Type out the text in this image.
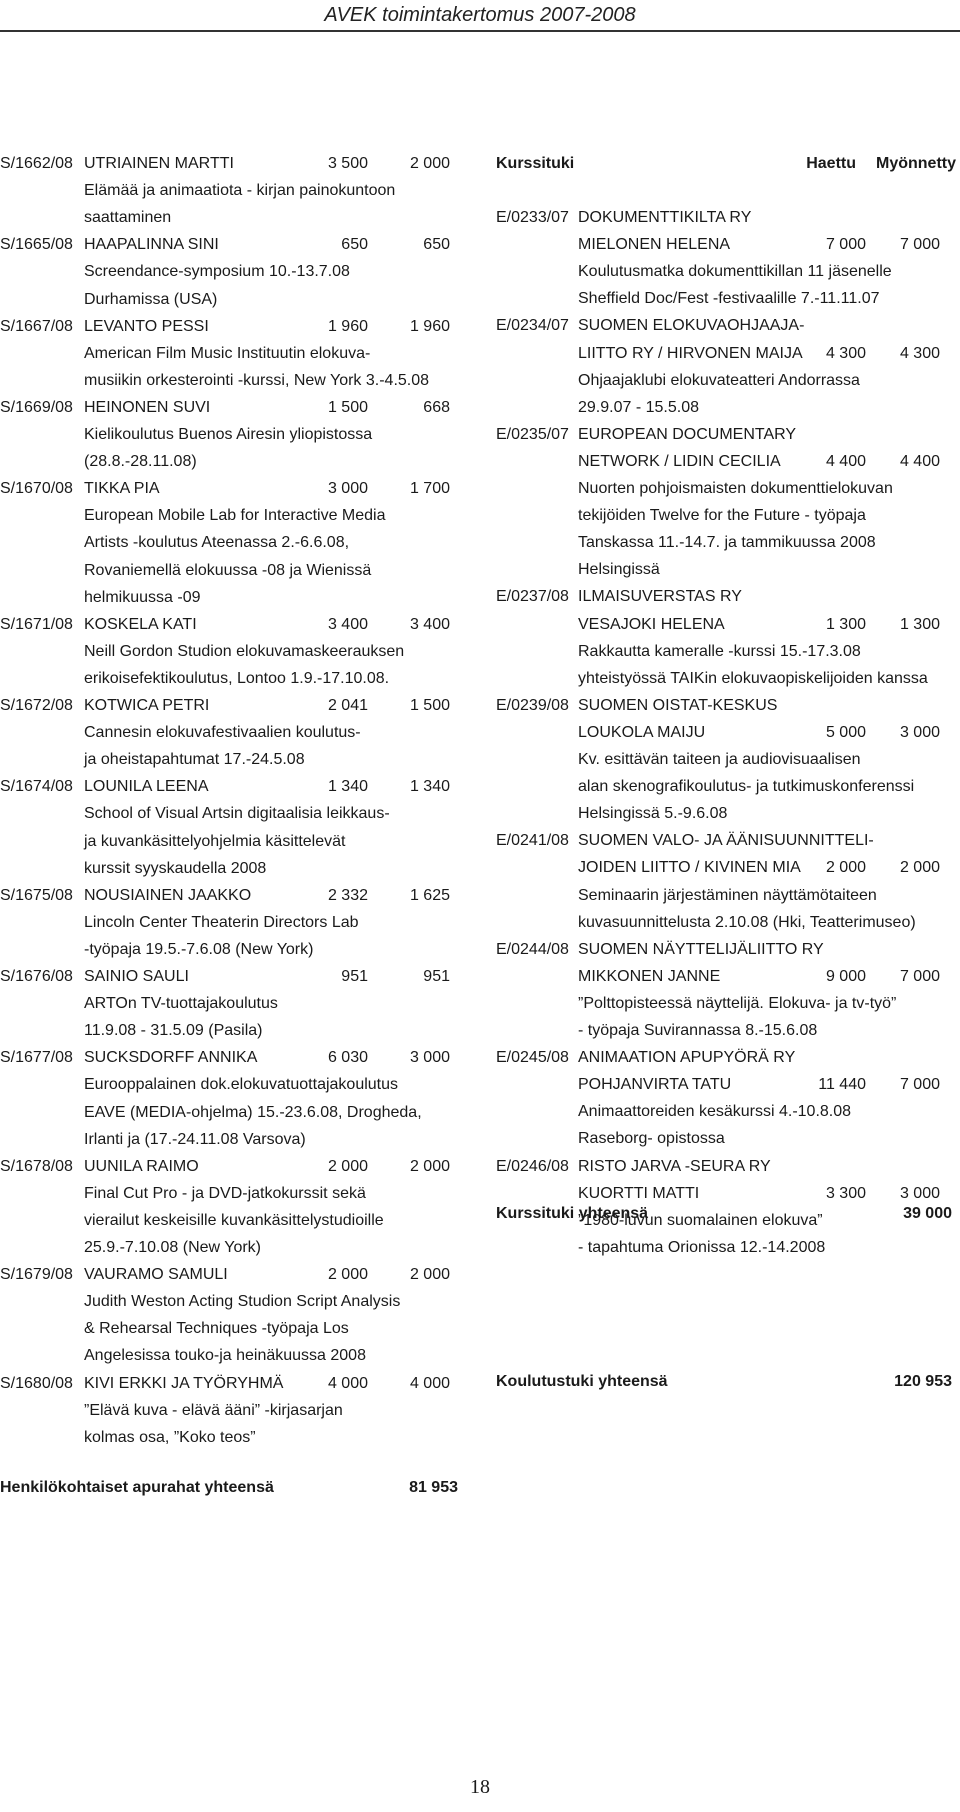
AVEK toimintakertomus 2007-2008
S/1662/08 UTRIAINEN MARTTI	3 500	2 000
Elämää ja animaatiota - kirjan painokuntoon
saattaminen
S/1665/08 HAAPALINNA SINI	650	650
Screendance-symposium 10.-13.7.08
Durhamissa (USA)
S/1667/08 LEVANTO PESSI	1 960	1 960
American Film Music Instituutin elokuva-
musiikin orkesterointi -kurssi, New York 3.-4.5.08
S/1669/08 HEINONEN SUVI	1 500	668
Kielikoulutus Buenos Airesin yliopistossa
(28.8.-28.11.08)
S/1670/08 TIKKA PIA	3 000	1 700
European Mobile Lab for Interactive Media
Artists -koulutus Ateenassa 2.-6.6.08,
Rovaniemellä elokuussa -08 ja Wienissä
helmikuussa -09
S/1671/08 KOSKELA KATI	3 400	3 400
Neill Gordon Studion elokuvamaskeerauksen
erikoisefektikoulutus, Lontoo 1.9.-17.10.08.
S/1672/08 KOTWICA PETRI	2 041	1 500
Cannesin elokuvafestivaalien koulutus-
ja oheistapahtumat 17.-24.5.08
S/1674/08 LOUNILA LEENA	1 340	1 340
School of Visual Artsin digitaalisia leikkaus-
ja kuvankäsittelyohjelmia käsittelevät
kurssit syyskaudella 2008
S/1675/08 NOUSIAINEN JAAKKO	2 332	1 625
Lincoln Center Theaterin Directors Lab
-työpaja 19.5.-7.6.08 (New York)
S/1676/08 SAINIO SAULI	951	951
ARTOn TV-tuottajakoulutus
11.9.08 - 31.5.09 (Pasila)
S/1677/08 SUCKSDORFF ANNIKA	6 030	3 000
Eurooppalainen dok.elokuvatuottajakoulutus
EAVE (MEDIA-ohjelma) 15.-23.6.08, Drogheda,
Irlanti ja (17.-24.11.08 Varsova)
S/1678/08 UUNILA RAIMO	2 000	2 000
Final Cut Pro - ja DVD-jatkokurssit sekä
vierailut keskeisille kuvankäsittelystudioille
25.9.-7.10.08 (New York)
S/1679/08 VAURAMO SAMULI	2 000	2 000
Judith Weston Acting Studion Script Analysis
& Rehearsal Techniques -työpaja Los
Angelesissa touko-ja heinäkuussa 2008
S/1680/08 KIVI ERKKI JA TYÖRYHMÄ	4 000	4 000
”Elävä kuva - elävä ääni” -kirjasarjan
kolmas osa, ”Koko teos”
Henkilökohtaiset apurahat yhteensä	81 953
Kurssituki	Haettu	Myönnetty
E/0233/07 DOKUMENTTIKILTA RY
MIELONEN HELENA	7 000	7 000
Koulutusmatka dokumenttikillan 11 jäsenelle
Sheffield Doc/Fest -festivaalille 7.-11.11.07
E/0234/07 SUOMEN ELOKUVAOHJAAJA-
LIITTO RY / HIRVONEN MAIJA	4 300	4 300
Ohjaajaklubi elokuvateatteri Andorrassa
29.9.07 - 15.5.08
E/0235/07 EUROPEAN DOCUMENTARY
NETWORK / LIDIN CECILIA	4 400	4 400
Nuorten pohjoismaisten dokumenttielokuvan
tekijöiden Twelve for the Future - työpaja
Tanskassa 11.-14.7. ja tammikuussa 2008
Helsingissä
E/0237/08 ILMAISUVERSTAS RY
VESAJOKI HELENA	1 300	1 300
Rakkautta kameralle -kurssi 15.-17.3.08
yhteistyössä TAIKin elokuvaopiskelijoiden kanssa
E/0239/08 SUOMEN OISTAT-KESKUS
LOUKOLA MAIJU	5 000	3 000
Kv. esittävän taiteen ja audiovisuaalisen
alan skenografikoulutus- ja tutkimuskonferenssi
Helsingissä 5.-9.6.08
E/0241/08 SUOMEN VALO- JA ÄÄNISUUNNITTELI-
JOIDEN LIITTO / KIVINEN MIA	2 000	2 000
Seminaarin järjestäminen näyttämötaiteen
kuvasuunnittelusta 2.10.08 (Hki, Teatterimuseo)
E/0244/08 SUOMEN NÄYTTELIJÄLIITTO RY
MIKKONEN JANNE	9 000	7 000
”Polttopisteessä näyttelijä. Elokuva- ja tv-työ”
- työpaja Suvirannassa 8.-15.6.08
E/0245/08 ANIMAATION APUPYÖRÄ RY
POHJANVIRTA TATU	11 440	7 000
Animaattoreiden kesäkurssi 4.-10.8.08
Raseborg- opistossa
E/0246/08 RISTO JARVA -SEURA RY
KUORTTI MATTI	3 300	3 000
”1980-luvun suomalainen elokuva”
- tapahtuma Orionissa 12.-14.2008
Kurssituki yhteensä	39 000
Koulutustuki yhteensä	120 953
18
